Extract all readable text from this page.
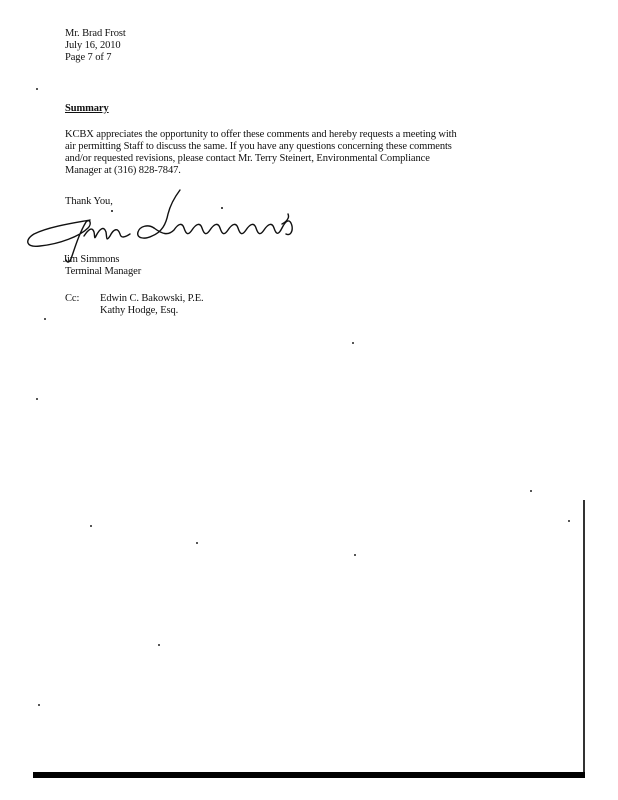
Mr. Brad Frost
July 16, 2010
Page 7 of 7
Summary
KCBX appreciates the opportunity to offer these comments and hereby requests a meeting with
air permitting Staff to discuss the same. If you have any questions concerning these comments
and/or requested revisions, please contact Mr. Terry Steinert, Environmental Compliance
Manager at (316) 828-7847.
Thank You,
Jim Simmons
Terminal Manager
Cc: Edwin C. Bakowski, P.E.
Kathy Hodge, Esq.
